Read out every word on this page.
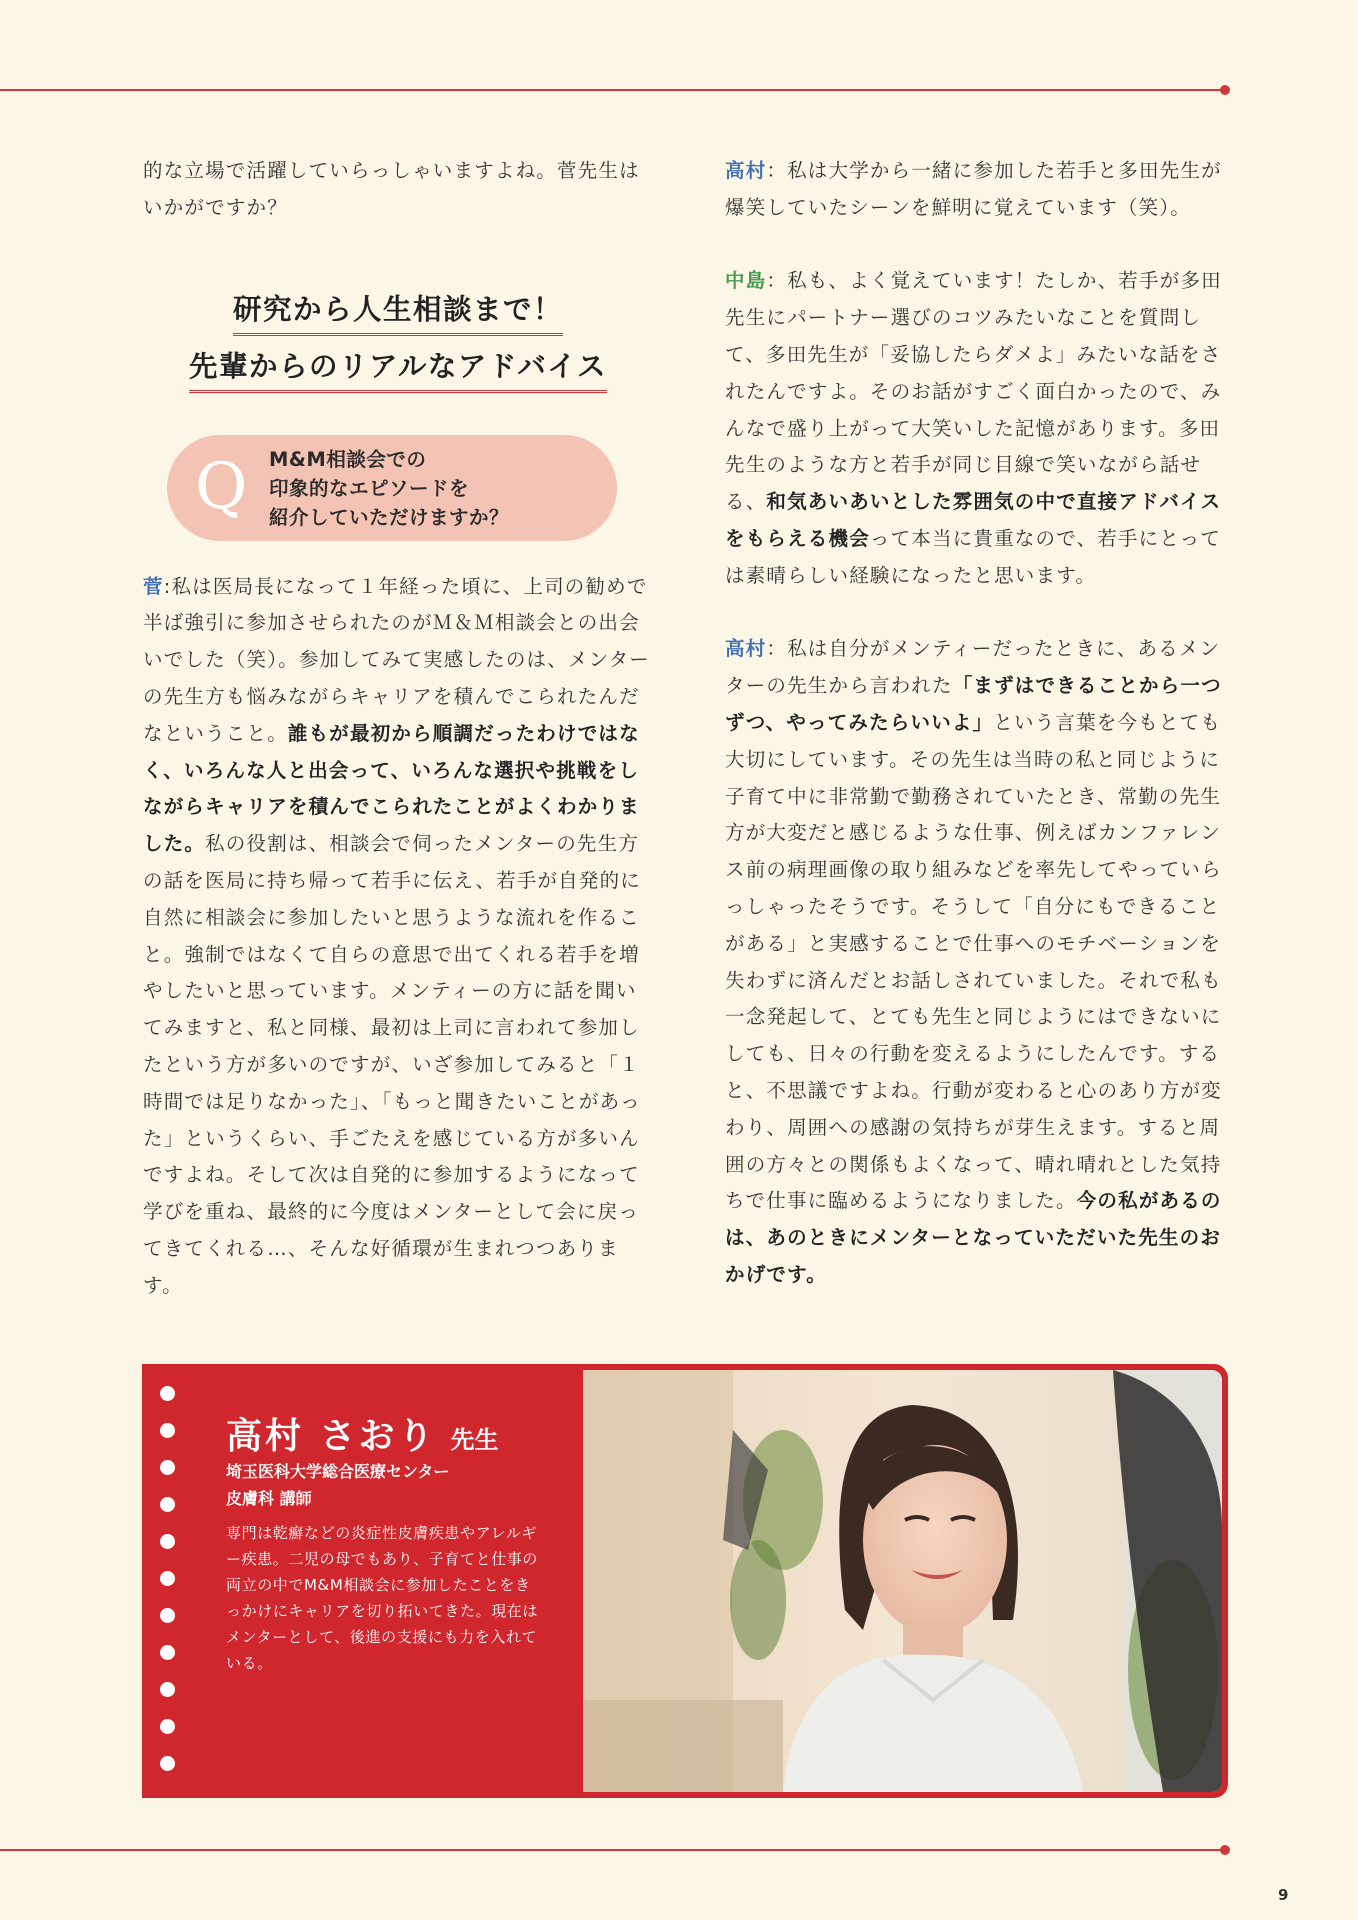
的な立場で活躍していらっしゃいますよね。菅先生はいかがですか？

研究から人生相談まで！
先輩からのリアルなアドバイス
Q M&M相談会での
印象的なエピソードを
紹介していただけますか？

菅:私は医局長になって１年経った頃に、上司の勧めで半ば強引に参加させられたのがＭ＆Ｍ相談会との出会いでした（笑）。参加してみて実感したのは、メンターの先生方も悩みながらキャリアを積んでこられたんだなということ。誰もが最初から順調だったわけではなく、いろんな人と出会って、いろんな選択や挑戦をしながらキャリアを積んでこられたことがよくわかりました。私の役割は、相談会で伺ったメンターの先生方の話を医局に持ち帰って若手に伝え、若手が自発的に自然に相談会に参加したいと思うような流れを作ること。強制ではなくて自らの意思で出てくれる若手を増やしたいと思っています。メンティーの方に話を聞いてみますと、私と同様、最初は上司に言われて参加したという方が多いのですが、いざ参加してみると「１時間では足りなかった」、「もっと聞きたいことがあった」というくらい、手ごたえを感じている方が多いんですよね。そして次は自発的に参加するようになって学びを重ね、最終的に今度はメンターとして会に戻ってきてくれる…、そんな好循環が生まれつつあります。

高村：私は大学から一緒に参加した若手と多田先生が爆笑していたシーンを鮮明に覚えています（笑）。

中島：私も、よく覚えています！たしか、若手が多田先生にパートナー選びのコツみたいなことを質問して、多田先生が「妥協したらダメよ」みたいな話をされたんですよ。そのお話がすごく面白かったので、みんなで盛り上がって大笑いした記憶があります。多田先生のような方と若手が同じ目線で笑いながら話せる、和気あいあいとした雰囲気の中で直接アドバイスをもらえる機会って本当に貴重なので、若手にとっては素晴らしい経験になったと思います。

高村：私は自分がメンティーだったときに、あるメンターの先生から言われた「まずはできることから一つずつ、やってみたらいいよ」という言葉を今もとても大切にしています。その先生は当時の私と同じように子育て中に非常勤で勤務されていたとき、常勤の先生方が大変だと感じるような仕事、例えばカンファレンス前の病理画像の取り組みなどを率先してやっていらっしゃったそうです。そうして「自分にもできることがある」と実感することで仕事へのモチベーションを失わずに済んだとお話しされていました。それで私も一念発起して、とても先生と同じようにはできないにしても、日々の行動を変えるようにしたんです。すると、不思議ですよね。行動が変わると心のあり方が変わり、周囲への感謝の気持ちが芽生えます。すると周囲の方々との関係もよくなって、晴れ晴れとした気持ちで仕事に臨めるようになりました。今の私があるのは、あのときにメンターとなっていただいた先生のおかげです。

高村 さおり 先生
埼玉医科大学総合医療センター
皮膚科 講師
専門は乾癬などの炎症性皮膚疾患やアレルギー疾患。二児の母でもあり、子育てと仕事の両立の中でM&M相談会に参加したことをきっかけにキャリアを切り拓いてきた。現在はメンターとして、後進の支援にも力を入れている。
9
